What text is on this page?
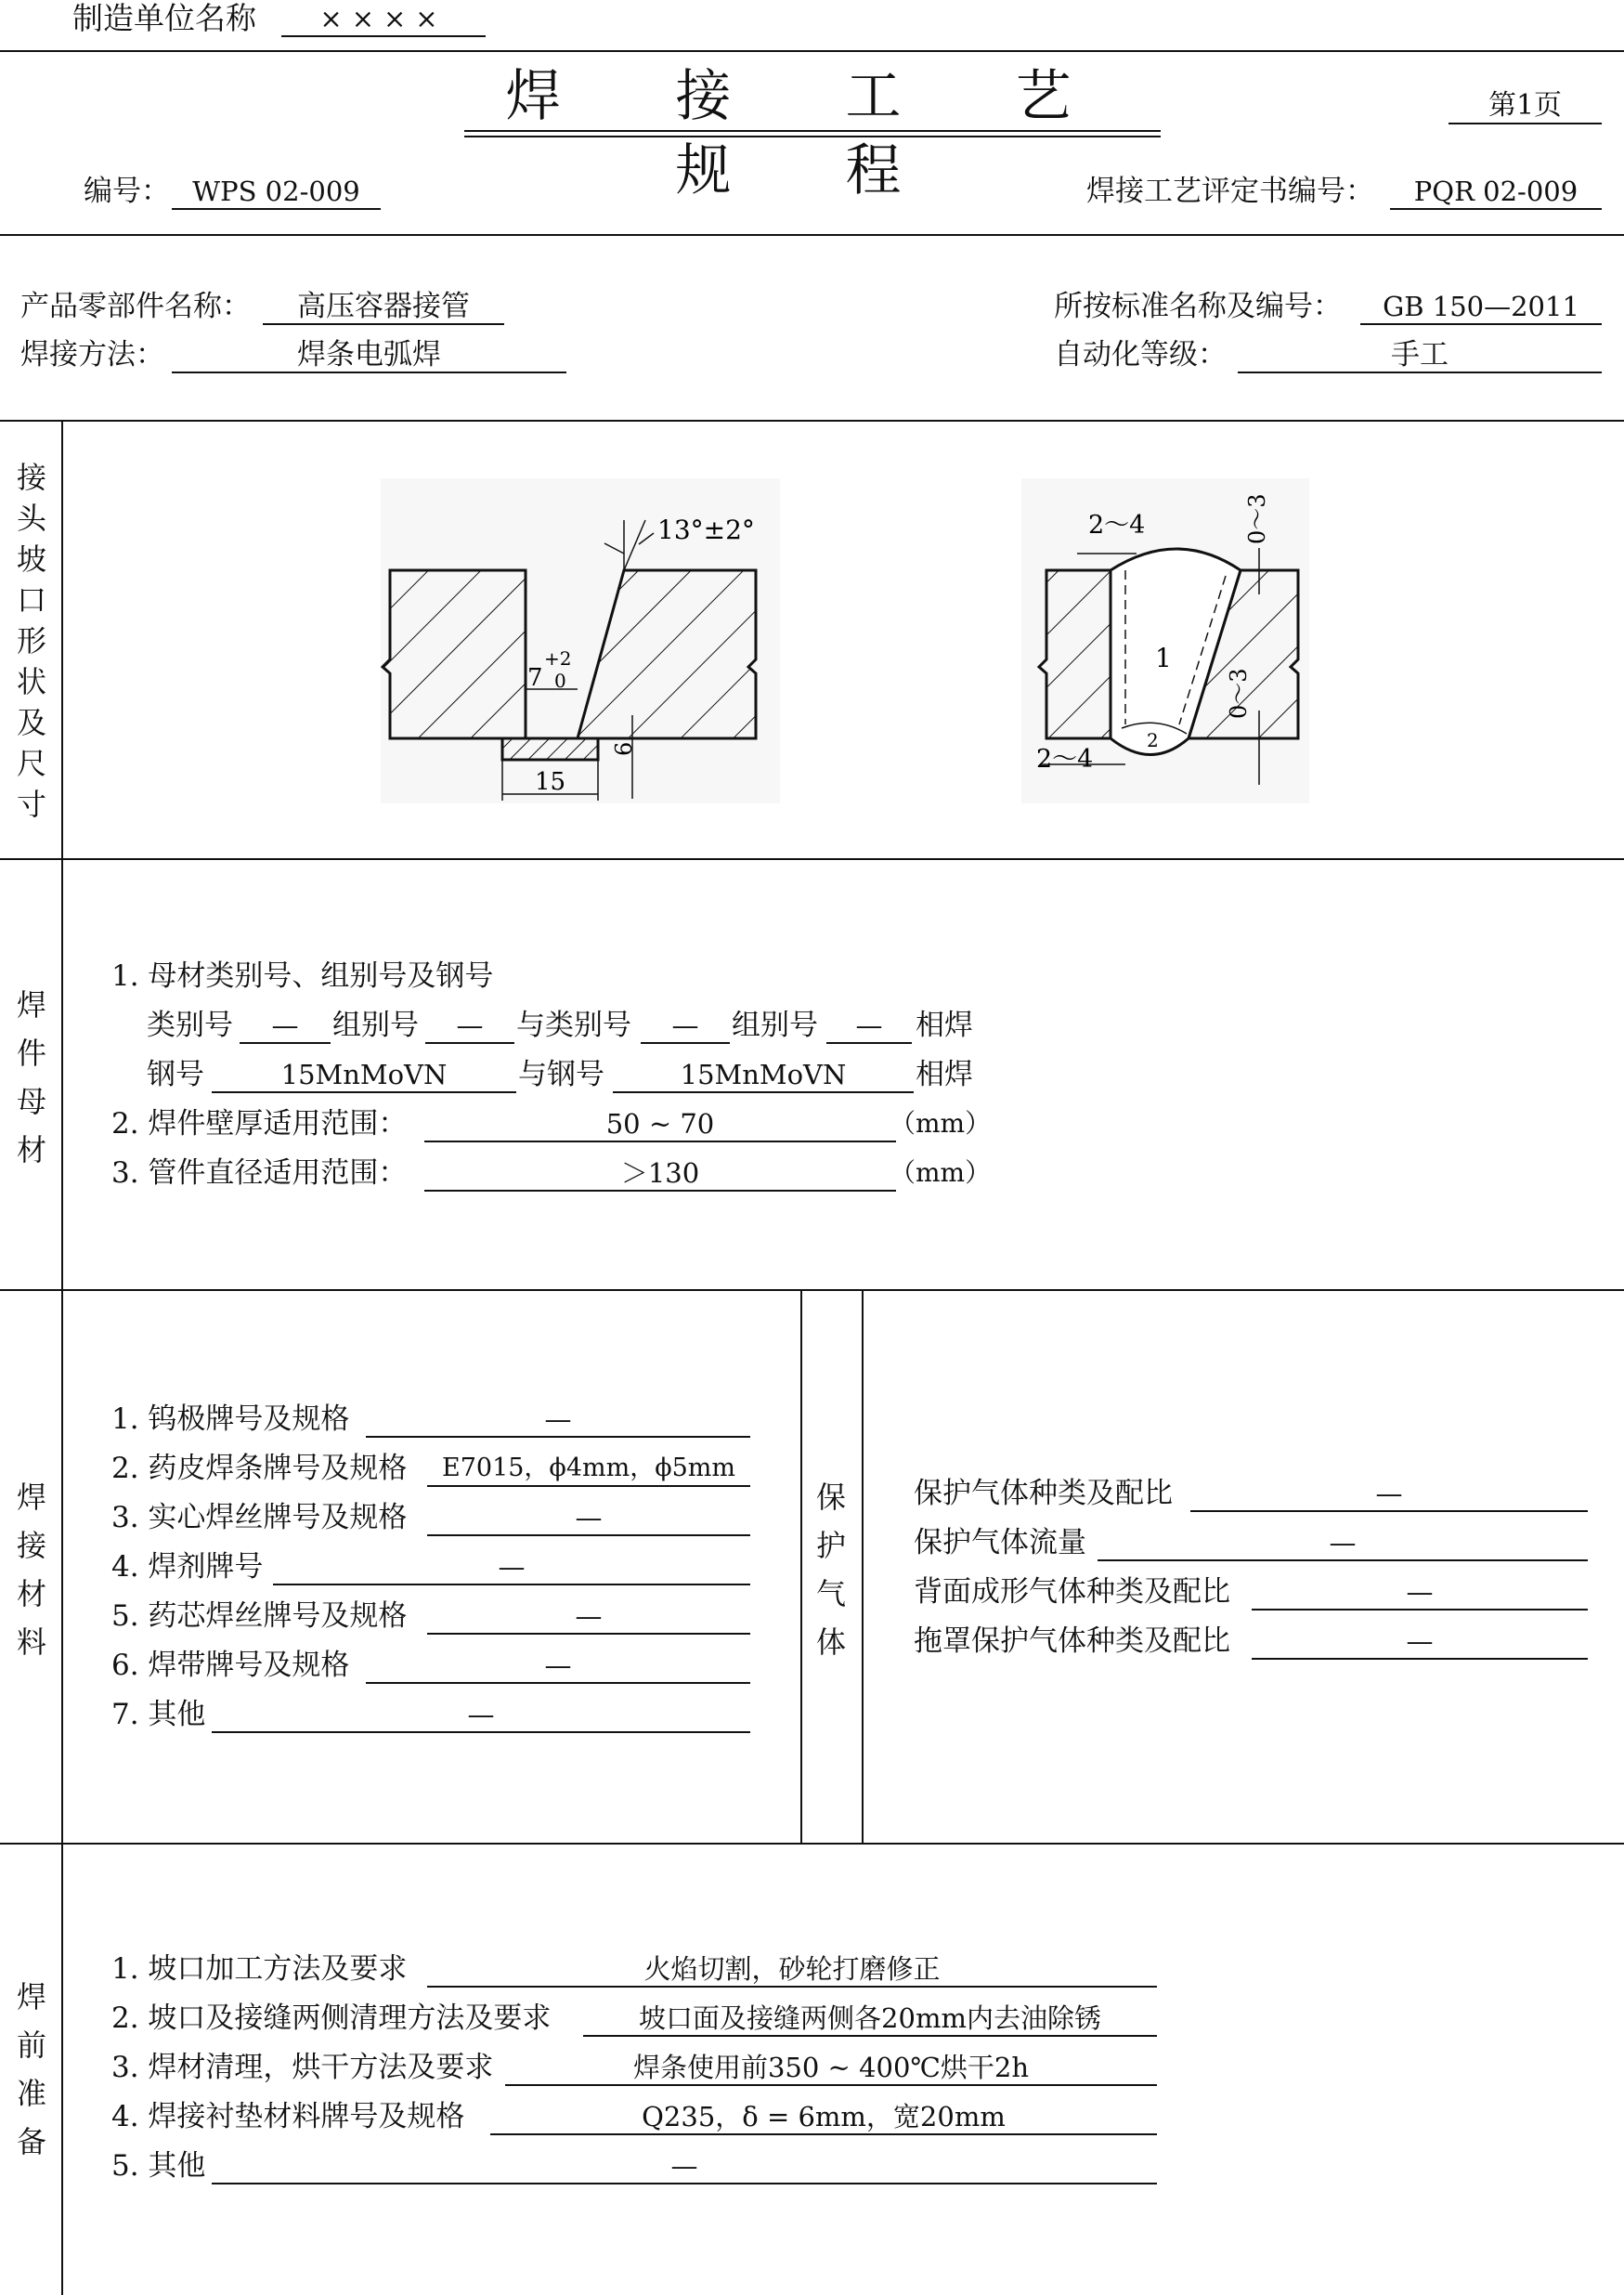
制造单位名称	××××
焊 接 工 艺 规 程
第1页
编号： WPS 02-009	焊接工艺评定书编号：	PQR 02-009
产品零部件名称：	高压容器接管	所按标准名称及编号：	GB 150—2011
焊接方法：	焊条电弧焊	自动化等级：	手工
接
头
坡
口
形
状
及
尺
寸
13°±2°
7
+2
0
15
6
1
2
2～4	0～3
2～4
0～3
焊
件
母
材
1. 母材类别号、组别号及钢号
类别号	—	组别号	—	与类别号	—	组别号	—	相焊
钢号	15MnMoVN	与钢号	15MnMoVN	相焊
2. 焊件壁厚适用范围：	50 ~ 70	（mm）
3. 管件直径适用范围：	＞130	（mm）
焊
接
材
料
1. 钨极牌号及规格	—
2. 药皮焊条牌号及规格	E7015，ϕ4mm，ϕ5mm
3. 实心焊丝牌号及规格	—
4. 焊剂牌号	—
5. 药芯焊丝牌号及规格	—
6. 焊带牌号及规格	—
7. 其他	—
保
护
气
体
保护气体种类及配比	—
保护气体流量	—
背面成形气体种类及配比	—
拖罩保护气体种类及配比	—
焊
前
准
备
1. 坡口加工方法及要求	火焰切割，砂轮打磨修正
2. 坡口及接缝两侧清理方法及要求	坡口面及接缝两侧各20mm内去油除锈
3. 焊材清理，烘干方法及要求	焊条使用前350 ~ 400℃烘干2h
4. 焊接衬垫材料牌号及规格	Q235，δ = 6mm，宽20mm
5. 其他	—
